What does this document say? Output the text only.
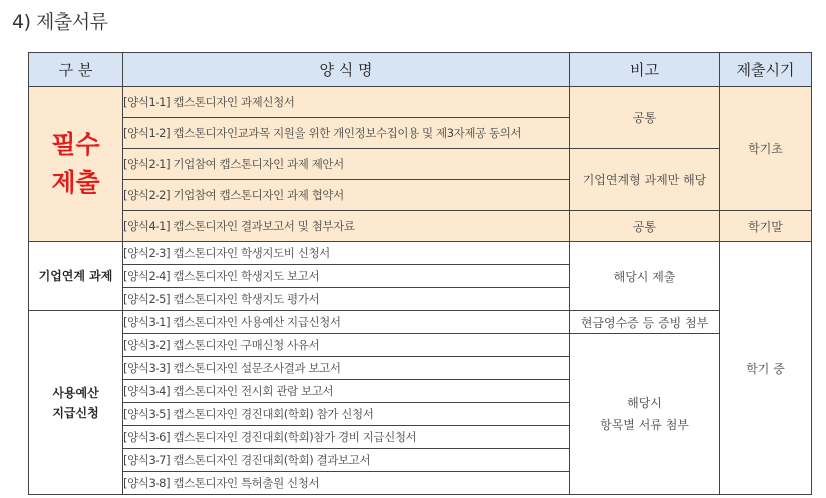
4) 제출서류
구 분	양 식 명	비고	제출시기
필수
제출	[양식1-1] 캡스톤디자인 과제신청서	공통	학기초
	[양식1-2] 캡스톤디자인교과목 지원을 위한 개인정보수집이용 및 제3자제공 동의서		
	[양식2-1] 기업참여 캡스톤디자인 과제 제안서	기업연계형 과제만 해당	
	[양식2-2] 기업참여 캡스톤디자인 과제 협약서		
	[양식4-1] 캡스톤디자인 결과보고서 및 첨부자료	공통	학기말
기업연계 과제	[양식2-3] 캡스톤디자인 학생지도비 신청서	해당시 제출	학기 중
	[양식2-4] 캡스톤디자인 학생지도 보고서		
	[양식2-5] 캡스톤디자인 학생지도 평가서		
사용예산
지급신청	[양식3-1] 캡스톤디자인 사용예산 지급신청서	현금영수증 등 증빙 첨부	
	[양식3-2] 캡스톤디자인 구매신청 사유서	해당시
항목별 서류 첨부	
	[양식3-3] 캡스톤디자인 설문조사결과 보고서		
	[양식3-4] 캡스톤디자인 전시회 관람 보고서		
	[양식3-5] 캡스톤디자인 경진대회(학회) 참가 신청서		
	[양식3-6] 캡스톤디자인 경진대회(학회)참가 경비 지급신청서		
	[양식3-7] 캡스톤디자인 경진대회(학회) 결과보고서		
	[양식3-8] 캡스톤디자인 특허출원 신청서		
